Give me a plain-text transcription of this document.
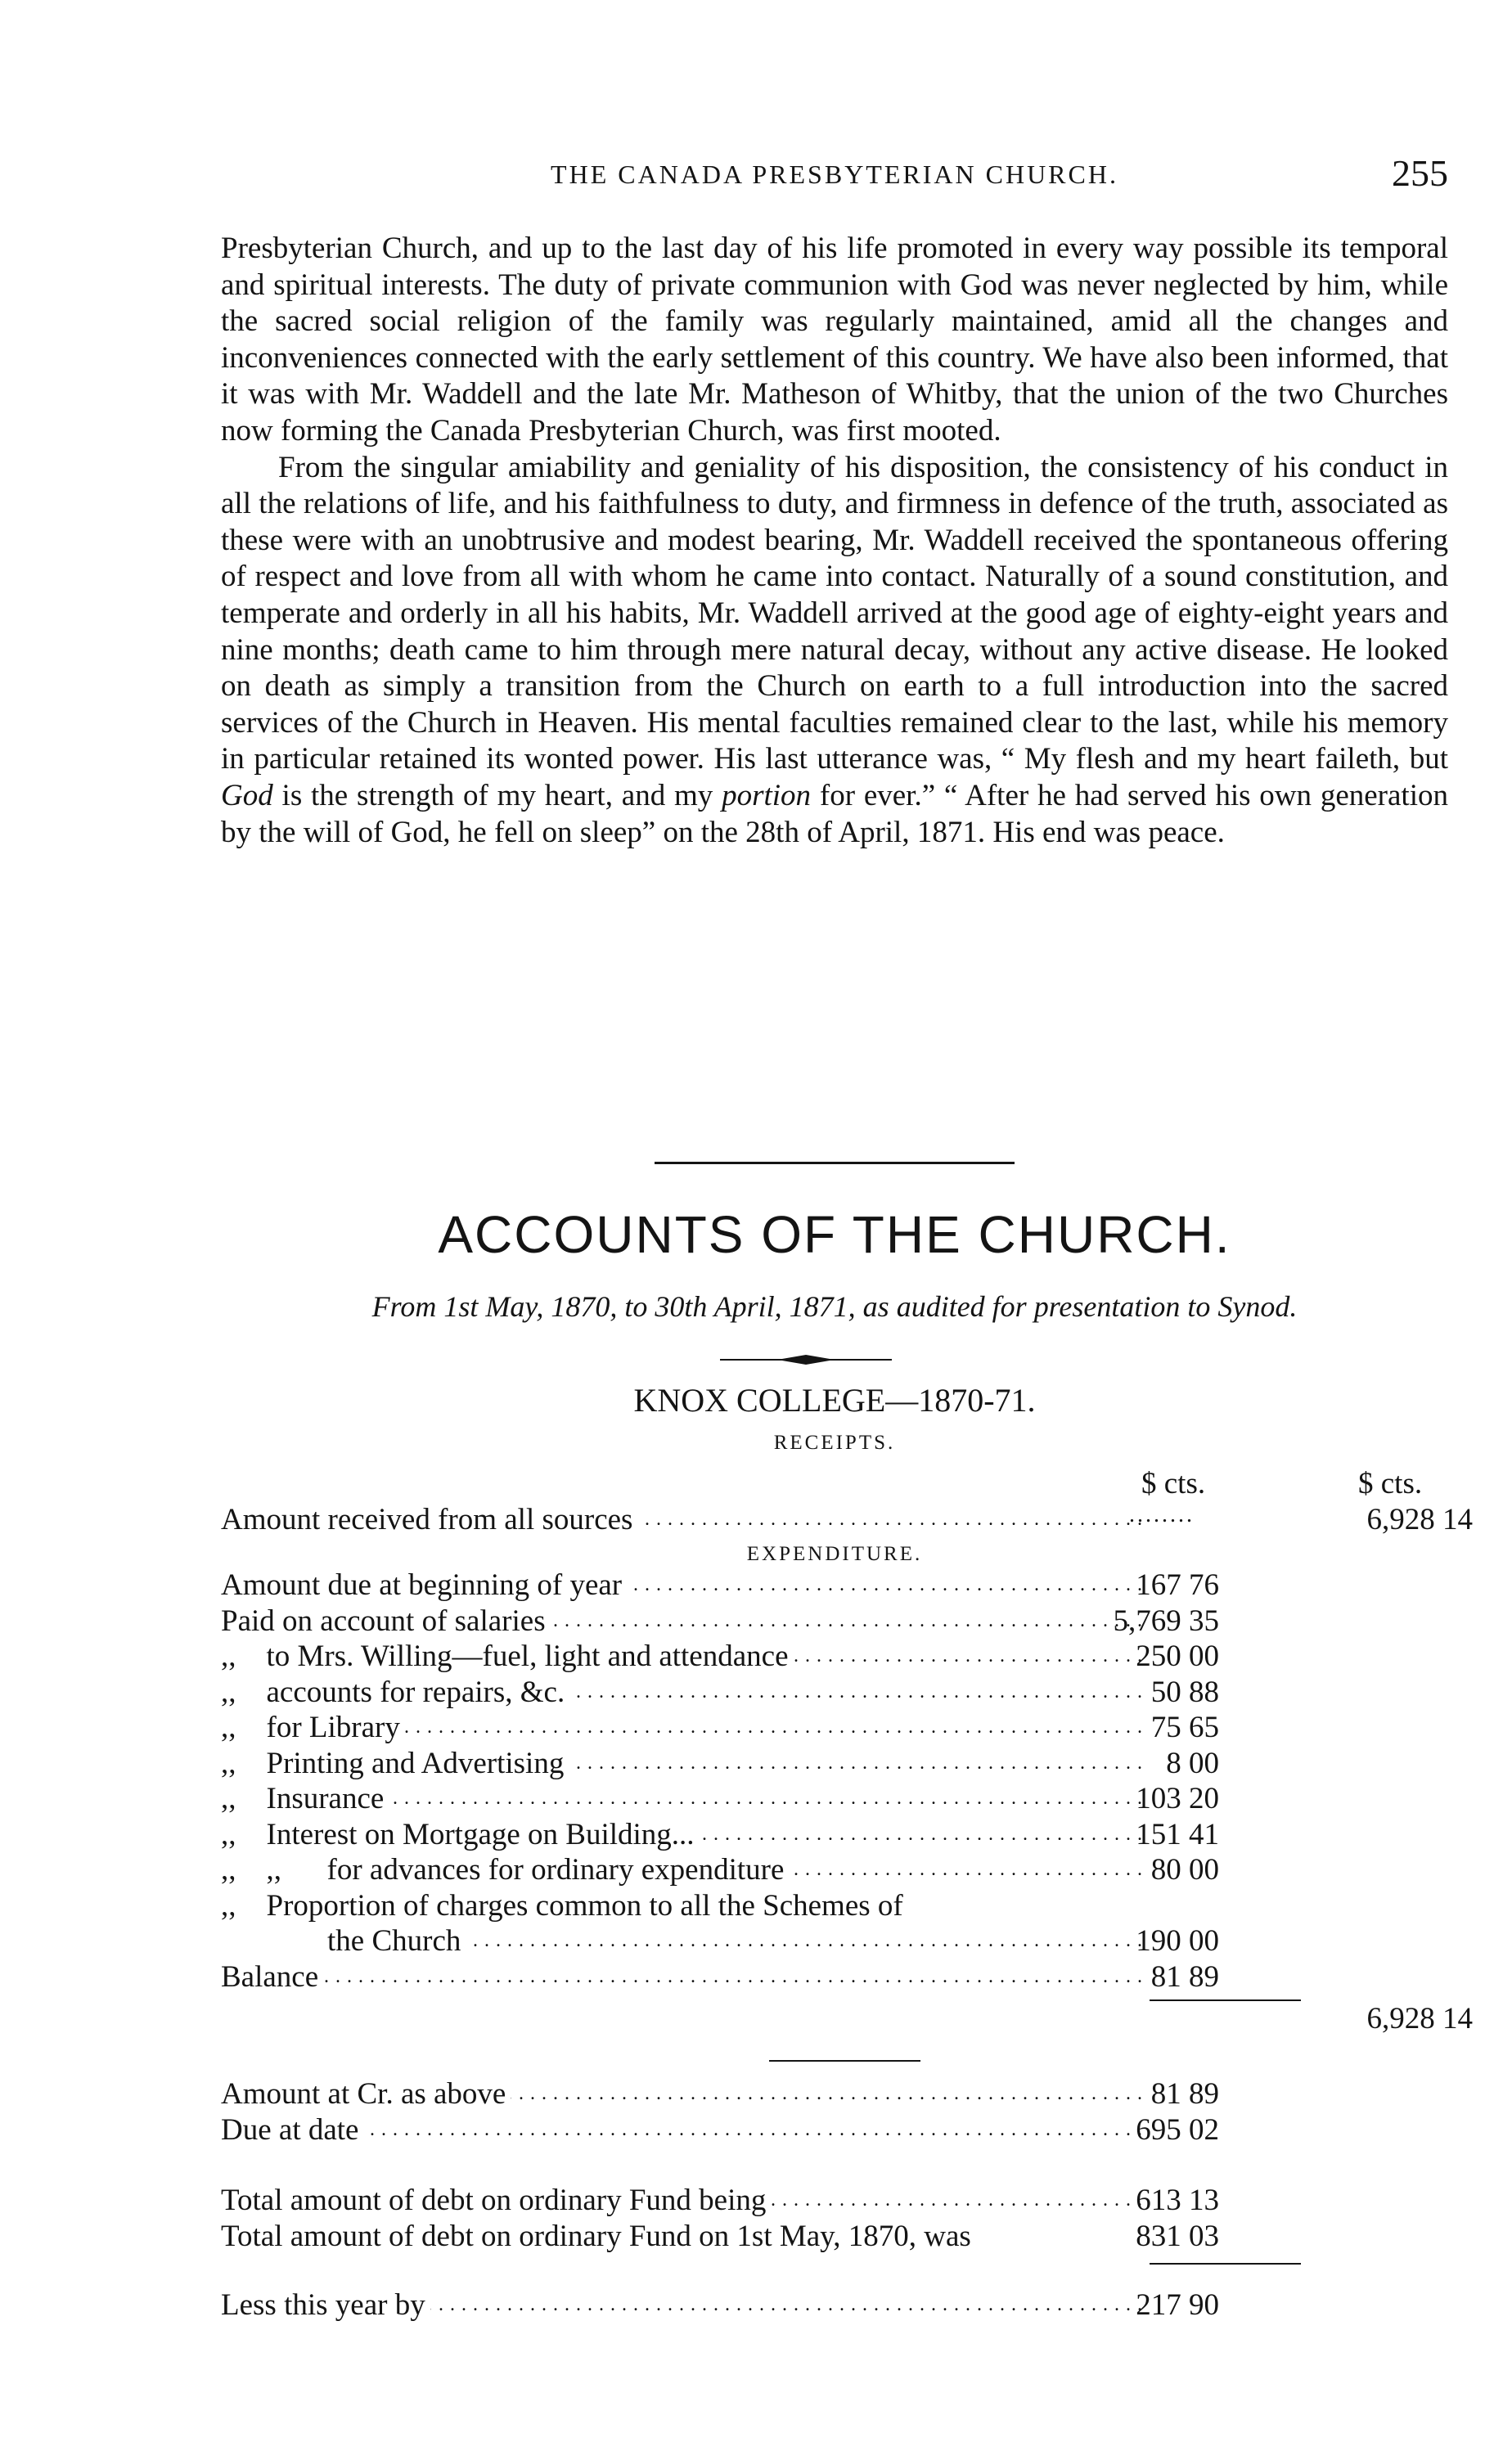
THE CANADA PRESBYTERIAN CHURCH.	255

Presbyterian Church, and up to the last day of his life promoted in every way possible its temporal and spiritual interests. The duty of private communion with God was never neglected by him, while the sacred social religion of the family was regularly maintained, amid all the changes and inconveniences connected with the early settlement of this country. We have also been informed, that it was with Mr. Waddell and the late Mr. Matheson of Whitby, that the union of the two Churches now forming the Canada Presbyterian Church, was first mooted.

From the singular amiability and geniality of his disposition, the consistency of his conduct in all the relations of life, and his faithfulness to duty, and firmness in defence of the truth, associated as these were with an unobtrusive and modest bearing, Mr. Waddell received the spontaneous offering of respect and love from all with whom he came into contact. Naturally of a sound constitution, and temperate and orderly in all his habits, Mr. Waddell arrived at the good age of eighty-eight years and nine months; death came to him through mere natural decay, without any active disease. He looked on death as simply a transition from the Church on earth to a full introduction into the sacred services of the Church in Heaven. His mental faculties remained clear to the last, while his memory in particular retained its wonted power. His last utterance was, “ My flesh and my heart faileth, but God is the strength of my heart, and my portion for ever.” “ After he had served his own generation by the will of God, he fell on sleep” on the 28th of April, 1871. His end was peace.

ACCOUNTS OF THE CHURCH.
From 1st May, 1870, to 30th April, 1871, as audited for presentation to Synod.
KNOX COLLEGE—1870-71.
RECEIPTS.
$ cts.	$ cts.
Amount received from all sources . . .	........	6,928 14
EXPENDITURE.
Amount due at beginning of year . . .	167 76
Paid on account of salaries . . .	5,769 35
,, to Mrs. Willing—fuel, light and attendance . . .	250 00
,, accounts for repairs, &c. . . .	50 88
,, for Library . . .	75 65
,, Printing and Advertising . . .	8 00
,, Insurance . . .	103 20
,, Interest on Mortgage on Building... . . .	151 41
,, ,, for advances for ordinary expenditure . . .	80 00
,, Proportion of charges common to all the Schemes of
the Church . . .	190 00
Balance . . .	81 89
6,928 14
Amount at Cr. as above . . .	81 89
Due at date . . .	695 02
Total amount of debt on ordinary Fund being . . .	613 13
Total amount of debt on ordinary Fund on 1st May, 1870, was	831 03
Less this year by . . .	217 90
